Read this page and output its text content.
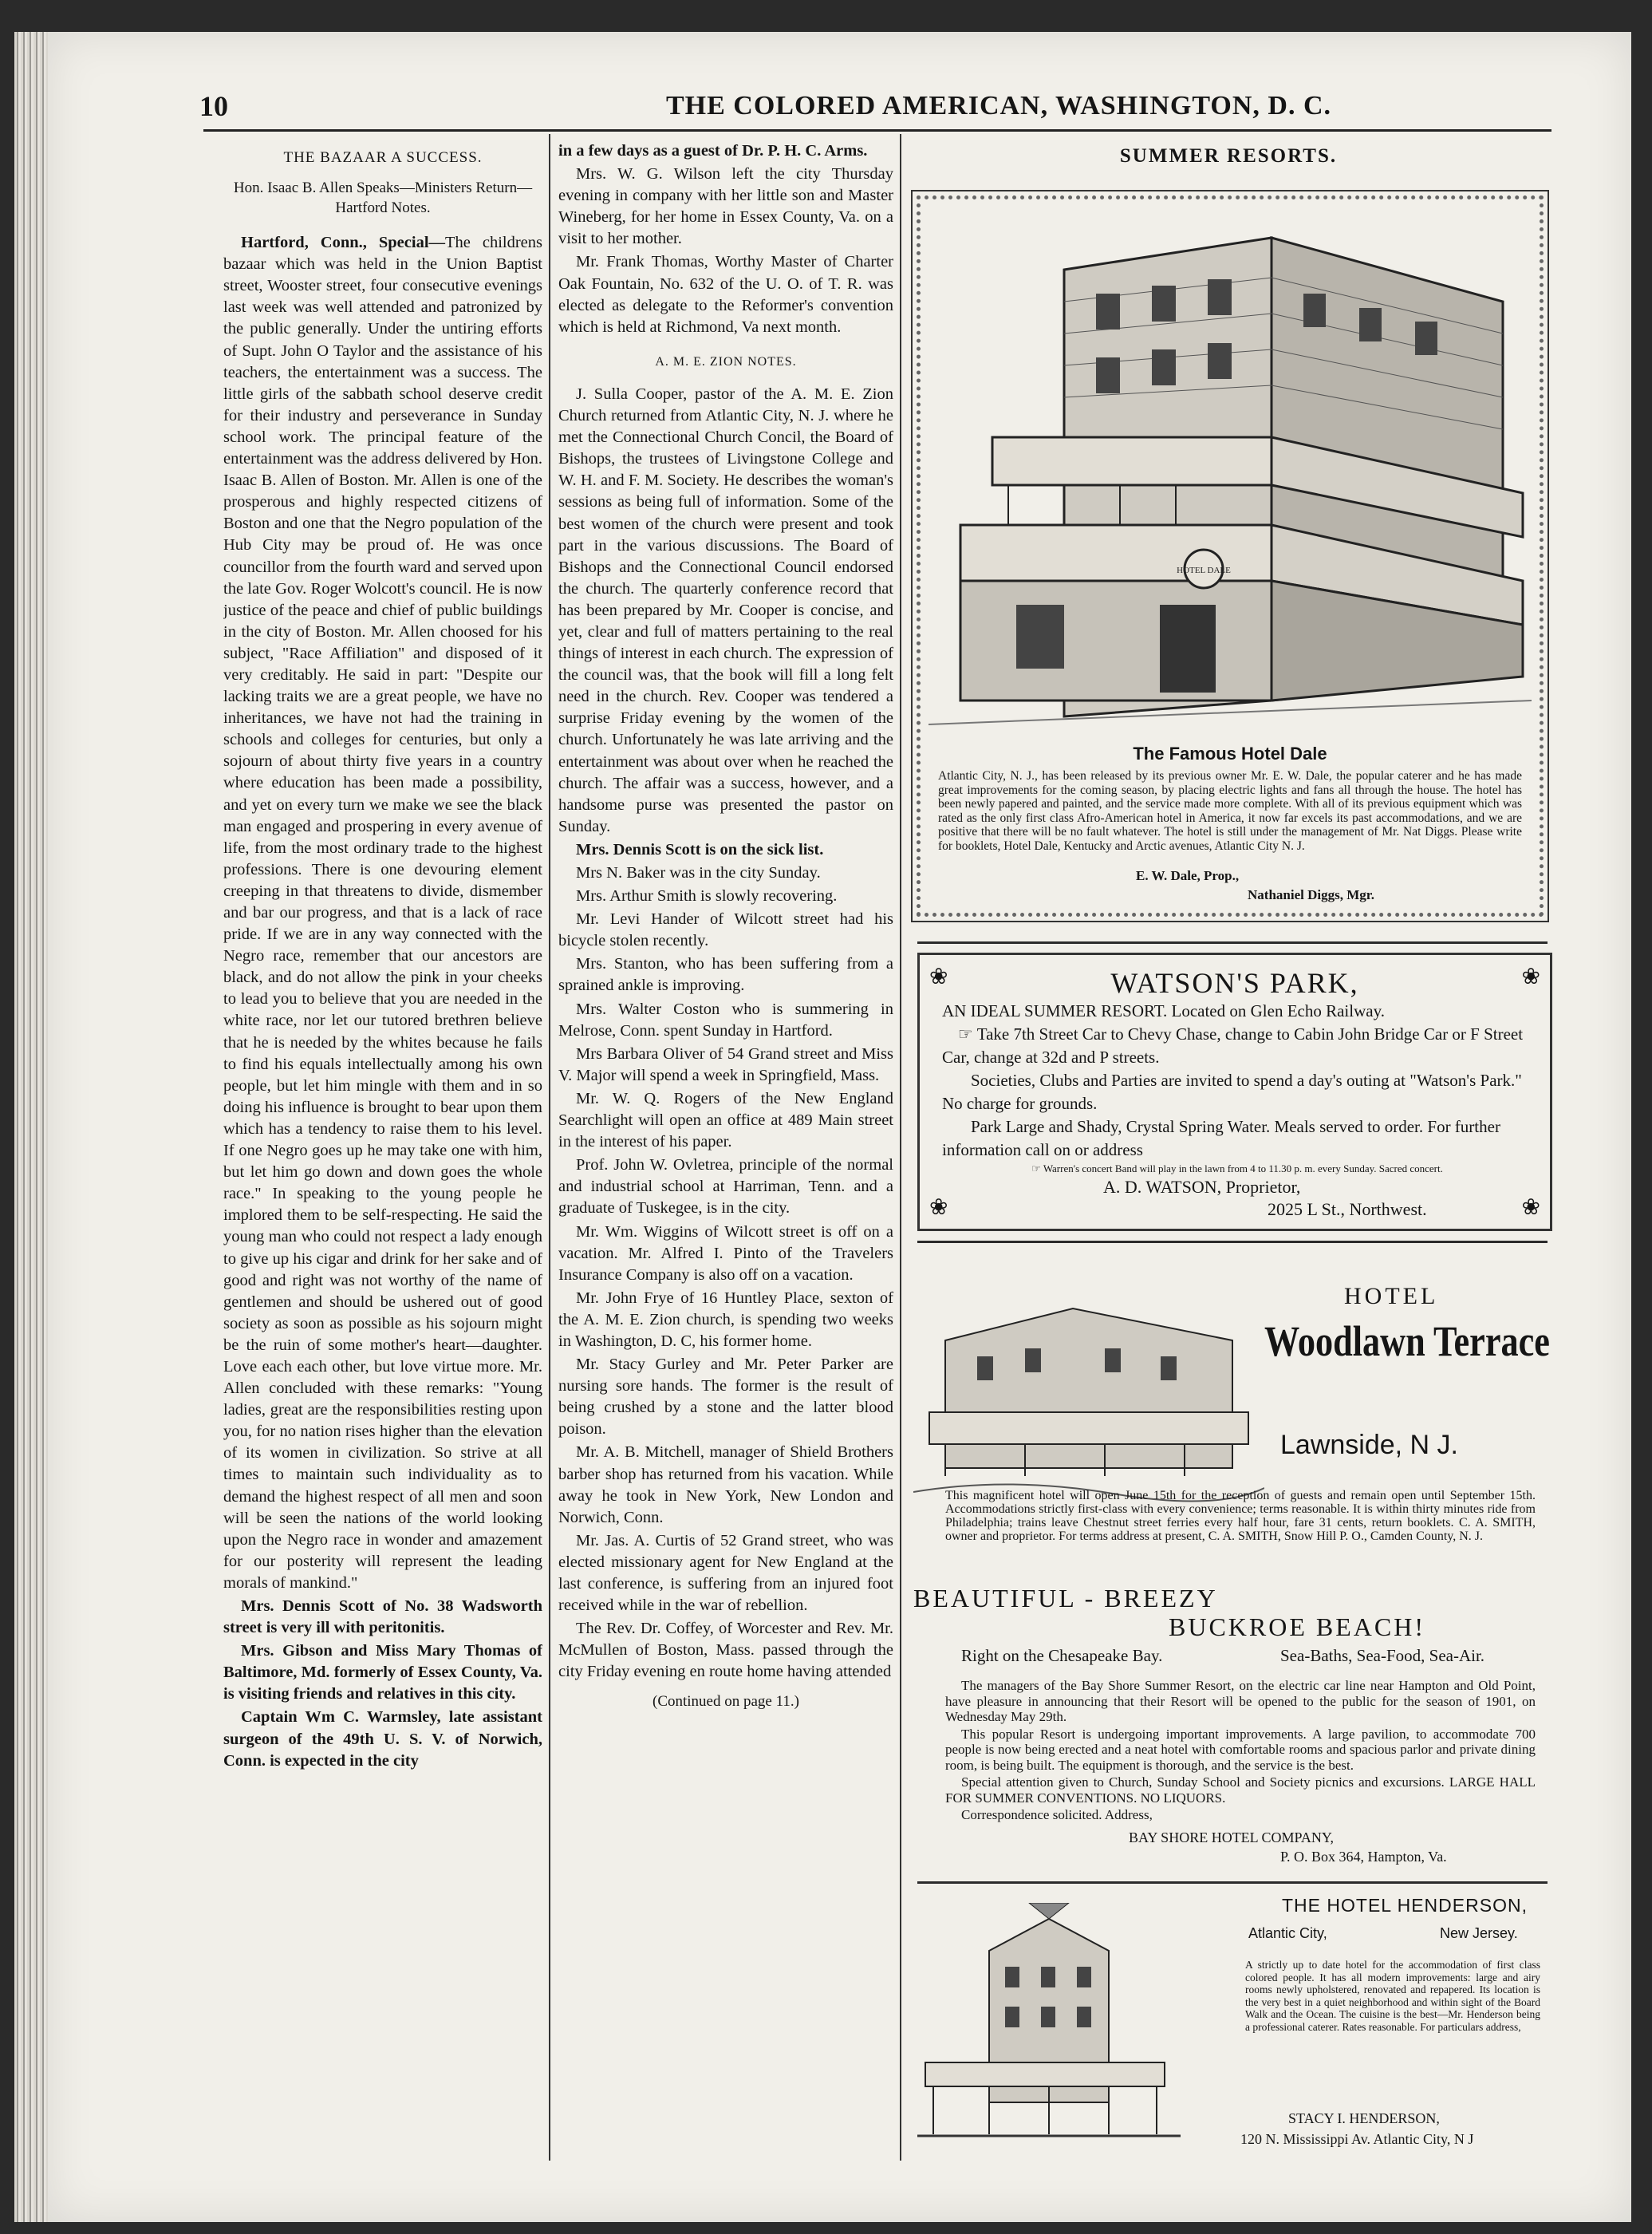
10	THE COLORED AMERICAN, WASHINGTON, D. C.

THE BAZAAR A SUCCESS.

Hon. Isaac B. Allen Speaks—Ministers Return—Hartford Notes.

Hartford, Conn., Special—The childrens bazaar which was held in the Union Baptist street, Wooster street, four consecutive evenings last week was well attended and patronized by the public generally. Under the untiring efforts of Supt. John O Taylor and the assistance of his teachers, the entertainment was a success. The little girls of the sabbath school deserve credit for their industry and perseverance in Sunday school work. The principal feature of the entertainment was the address delivered by Hon. Isaac B. Allen of Boston. Mr. Allen is one of the prosperous and highly respected citizens of Boston and one that the Negro population of the Hub City may be proud of. He was once councillor from the fourth ward and served upon the late Gov. Roger Wolcott's council. He is now justice of the peace and chief of public buildings in the city of Boston. Mr. Allen choosed for his subject, "Race Affiliation" and disposed of it very creditably. He said in part: "Despite our lacking traits we are a great people, we have no inheritances, we have not had the training in schools and colleges for centuries, but only a sojourn of about thirty five years in a country where education has been made a possibility, and yet on every turn we make we see the black man engaged and prospering in every avenue of life, from the most ordinary trade to the highest professions. There is one devouring element creeping in that threatens to divide, dismember and bar our progress, and that is a lack of race pride. If we are in any way connected with the Negro race, remember that our ancestors are black, and do not allow the pink in your cheeks to lead you to believe that you are needed in the white race, nor let our tutored brethren believe that he is needed by the whites because he fails to find his equals intellectually among his own people, but let him mingle with them and in so doing his influence is brought to bear upon them which has a tendency to raise them to his level. If one Negro goes up he may take one with him, but let him go down and down goes the whole race." In speaking to the young people he implored them to be self-respecting. He said the young man who could not respect a lady enough to give up his cigar and drink for her sake and of good and right was not worthy of the name of gentlemen and should be ushered out of good society as soon as possible as his sojourn might be the ruin of some mother's heart—daughter. Love each each other, but love virtue more. Mr. Allen concluded with these remarks: "Young ladies, great are the responsibilities resting upon you, for no nation rises higher than the elevation of its women in civilization. So strive at all times to maintain such individuality as to demand the highest respect of all men and soon will be seen the nations of the world looking upon the Negro race in wonder and amazement for our posterity will represent the leading morals of mankind."

Mrs. Dennis Scott of No. 38 Wadsworth street is very ill with peritonitis.

Mrs. Gibson and Miss Mary Thomas of Baltimore, Md. formerly of Essex County, Va. is visiting friends and relatives in this city.

Captain Wm C. Warmsley, late assistant surgeon of the 49th U. S. V. of Norwich, Conn. is expected in the city

in a few days as a guest of Dr. P. H. C. Arms.

Mrs. W. G. Wilson left the city Thursday evening in company with her little son and Master Wineberg, for her home in Essex County, Va. on a visit to her mother.

Mr. Frank Thomas, Worthy Master of Charter Oak Fountain, No. 632 of the U. O. of T. R. was elected as delegate to the Reformer's convention which is held at Richmond, Va next month.

A. M. E. ZION NOTES.

J. Sulla Cooper, pastor of the A. M. E. Zion Church returned from Atlantic City, N. J. where he met the Connectional Church Concil, the Board of Bishops, the trustees of Livingstone College and W. H. and F. M. Society. He describes the woman's sessions as being full of information. Some of the best women of the church were present and took part in the various discussions. The Board of Bishops and the Connectional Council endorsed the church. The quarterly conference record that has been prepared by Mr. Cooper is concise, and yet, clear and full of matters pertaining to the real things of interest in each church. The expression of the council was, that the book will fill a long felt need in the church. Rev. Cooper was tendered a surprise Friday evening by the women of the church. Unfortunately he was late arriving and the entertainment was about over when he reached the church. The affair was a success, however, and a handsome purse was presented the pastor on Sunday.

Mrs. Dennis Scott is on the sick list.

Mrs N. Baker was in the city Sunday.

Mrs. Arthur Smith is slowly recovering.

Mr. Levi Hander of Wilcott street had his bicycle stolen recently.

Mrs. Stanton, who has been suffering from a sprained ankle is improving.

Mrs. Walter Coston who is summering in Melrose, Conn. spent Sunday in Hartford.

Mrs Barbara Oliver of 54 Grand street and Miss V. Major will spend a week in Springfield, Mass.

Mr. W. Q. Rogers of the New England Searchlight will open an office at 489 Main street in the interest of his paper.

Prof. John W. Ovletrea, principle of the normal and industrial school at Harriman, Tenn. and a graduate of Tuskegee, is in the city.

Mr. Wm. Wiggins of Wilcott street is off on a vacation. Mr. Alfred I. Pinto of the Travelers Insurance Company is also off on a vacation.

Mr. John Frye of 16 Huntley Place, sexton of the A. M. E. Zion church, is spending two weeks in Washington, D. C, his former home.

Mr. Stacy Gurley and Mr. Peter Parker are nursing sore hands. The former is the result of being crushed by a stone and the latter blood poison.

Mr. A. B. Mitchell, manager of Shield Brothers barber shop has returned from his vacation. While away he took in New York, New London and Norwich, Conn.

Mr. Jas. A. Curtis of 52 Grand street, who was elected missionary agent for New England at the last conference, is suffering from an injured foot received while in the war of rebellion.

The Rev. Dr. Coffey, of Worcester and Rev. Mr. McMullen of Boston, Mass. passed through the city Friday evening en route home having attended

(Continued on page 11.)

SUMMER RESORTS.
HOTEL DALE
The Famous Hotel Dale
Atlantic City, N. J., has been released by its previous owner Mr. E. W. Dale, the popular caterer and he has made great improvements for the coming season, by placing electric lights and fans all through the house. The hotel has been newly papered and painted, and the service made more complete. With all of its previous equipment which was rated as the only first class Afro-American hotel in America, it now far excels its past accommodations, and we are positive that there will be no fault whatever. The hotel is still under the management of Mr. Nat Diggs. Please write for booklets, Hotel Dale, Kentucky and Arctic avenues, Atlantic City N. J.
E. W. Dale, Prop.,
Nathaniel Diggs, Mgr.
❀	❀
❀	❀
WATSON'S PARK,
AN IDEAL SUMMER RESORT. Located on Glen Echo Railway.
☞ Take 7th Street Car to Chevy Chase, change to Cabin John Bridge Car or F Street Car, change at 32d and P streets.
Societies, Clubs and Parties are invited to spend a day's outing at "Watson's Park." No charge for grounds.
Park Large and Shady, Crystal Spring Water. Meals served to order. For further information call on or address
☞ Warren's concert Band will play in the lawn from 4 to 11.30 p. m. every Sunday. Sacred concert.
A. D. WATSON, Proprietor,
2025 L St., Northwest.
HOTEL
Woodlawn Terrace
Lawnside, N J.
This magnificent hotel will open June 15th for the reception of guests and remain open until September 15th. Accommodations strictly first-class with every convenience; terms reasonable. It is within thirty minutes ride from Philadelphia; trains leave Chestnut street ferries every half hour, fare 31 cents, return booklets. C. A. SMITH, owner and proprietor. For terms address at present, C. A. SMITH, Snow Hill P. O., Camden County, N. J.
BEAUTIFUL - BREEZY
BUCKROE BEACH!
Right on the Chesapeake Bay.	Sea-Baths, Sea-Food, Sea-Air.

The managers of the Bay Shore Summer Resort, on the electric car line near Hampton and Old Point, have pleasure in announcing that their Resort will be opened to the public for the season of 1901, on Wednesday May 29th.

This popular Resort is undergoing important improvements. A large pavilion, to accommodate 700 people is now being erected and a neat hotel with comfortable rooms and spacious parlor and private dining room, is being built. The equipment is thorough, and the service is the best.

Special attention given to Church, Sunday School and Society picnics and excursions. LARGE HALL FOR SUMMER CONVENTIONS. NO LIQUORS.

Correspondence solicited. Address,

BAY SHORE HOTEL COMPANY,
P. O. Box 364, Hampton, Va.
THE HOTEL HENDERSON,
Atlantic City,	New Jersey.
A strictly up to date hotel for the accommodation of first class colored people. It has all modern improvements: large and airy rooms newly upholstered, renovated and repapered. Its location is the very best in a quiet neighborhood and within sight of the Board Walk and the Ocean. The cuisine is the best—Mr. Henderson being a professional caterer. Rates reasonable. For particulars address,
STACY I. HENDERSON,
120 N. Mississippi Av. Atlantic City, N J
